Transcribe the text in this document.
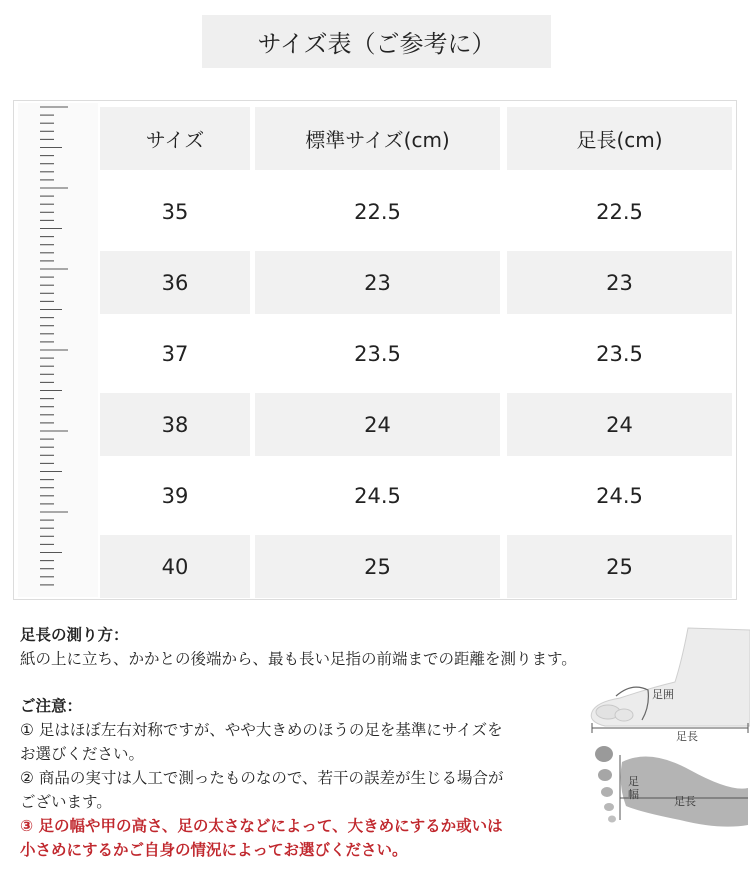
サイズ表（ご参考に）
サイズ	標準サイズ(cm)	足長(cm)
35	22.5	22.5
36	23	23
37	23.5	23.5
38	24	24
39	24.5	24.5
40	25	25
足長の測り方：
紙の上に立ち、かかとの後端から、最も長い足指の前端までの距離を測ります。
ご注意：
① 足はほぼ左右対称ですが、やや大きめのほうの足を基準にサイズを
お選びください。
② 商品の実寸は人工で測ったものなので、若干の誤差が生じる場合が
ございます。
③ 足の幅や甲の高さ、足の太さなどによって、大きめにするか或いは
小さめにするかご自身の情況によってお選びください。
足囲
足長
足幅
足長
